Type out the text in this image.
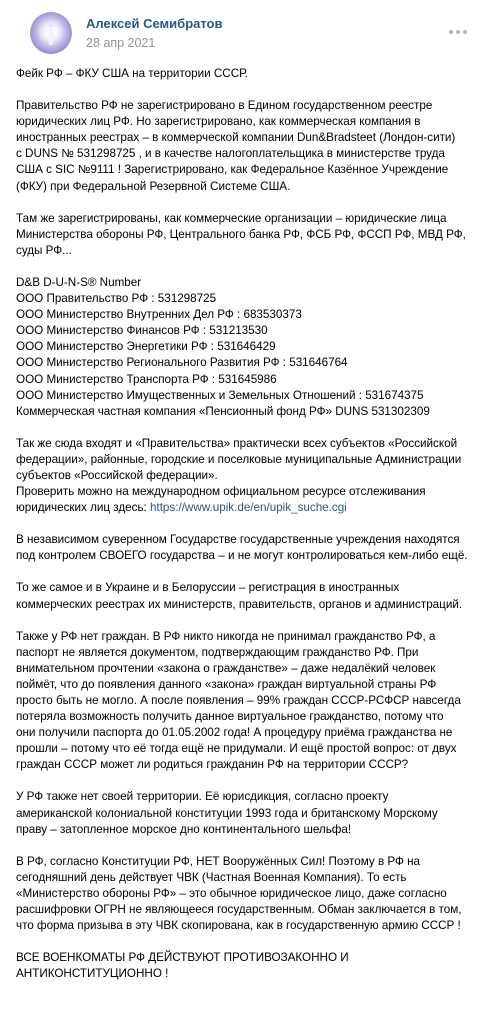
Алексей Семибратов
28 апр 2021

Фейк РФ – ФКУ США на территории СССР.

Правительство РФ не зарегистрировано в Едином государственном реестре
юридических лиц РФ. Но зарегистрировано, как коммерческая компания в
иностранных реестрах – в коммерческой компании Dun&Bradsteet (Лондон-сити)
с DUNS № 531298725 , и в качестве налогоплательщика в министерстве труда
США с SIC №9111 ! Зарегистрировано, как Федеральное Казённое Учреждение
(ФКУ) при Федеральной Резервной Системе США.

Там же зарегистрированы, как коммерческие организации – юридические лица
Министерства обороны РФ, Центрального банка РФ, ФСБ РФ, ФССП РФ, МВД РФ,
суды РФ...

D&B D-U-N-S® Number
ООО Правительство РФ : 531298725
ООО Министерство Внутренних Дел РФ : 683530373
ООО Министерство Финансов РФ : 531213530
ООО Министерство Энергетики РФ : 531646429
ООО Министерство Регионального Развития РФ : 531646764
ООО Министерство Транспорта РФ : 531645986
ООО Министерство Имущественных и Земельных Отношений : 531674375
Коммерческая частная компания «Пенсионный фонд РФ» DUNS 531302309

Так же сюда входят и «Правительства» практически всех субъектов «Российской
федерации», районные, городские и поселковые муниципальные Администрации
субъектов «Российской федерации».
Проверить можно на международном официальном ресурсе отслеживания
юридических лиц здесь: https://www.upik.de/en/upik_suche.cgi

В независимом суверенном Государстве государственные учреждения находятся
под контролем СВОЕГО государства – и не могут контролироваться кем-либо ещё.

То же самое и в Украине и в Белоруссии – регистрация в иностранных
коммерческих реестрах их министерств, правительств, органов и администраций.

Также у РФ нет граждан. В РФ никто никогда не принимал гражданство РФ, а
паспорт не является документом, подтверждающим гражданство РФ. При
внимательном прочтении «закона о гражданстве» – даже недалёкий человек
поймёт, что до появления данного «закона» граждан виртуальной страны РФ
просто быть не могло. А после появления – 99% граждан СССР-РСФСР навсегда
потеряла возможность получить данное виртуальное гражданство, потому что
они получили паспорта до 01.05.2002 года! А процедуру приёма гражданства не
прошли – потому что её тогда ещё не придумали. И ещё простой вопрос: от двух
граждан СССР может ли родиться гражданин РФ на территории СССР?

У РФ также нет своей территории. Её юрисдикция, согласно проекту
американской колониальной конституции 1993 года и британскому Морскому
праву – затопленное морское дно континентального шельфа!

В РФ, согласно Конституции РФ, НЕТ Вооружённых Сил! Поэтому в РФ на
сегодняшний день действует ЧВК (Частная Военная Компания). То есть
«Министерство обороны РФ» – это обычное юридическое лицо, даже согласно
расшифровки ОГРН не являющееся государственным. Обман заключается в том,
что форма призыва в эту ЧВК скопирована, как в государственную армию СССР !

ВСЕ ВОЕНКОМАТЫ РФ ДЕЙСТВУЮТ ПРОТИВОЗАКОННО И
АНТИКОНСТИТУЦИОННО !
